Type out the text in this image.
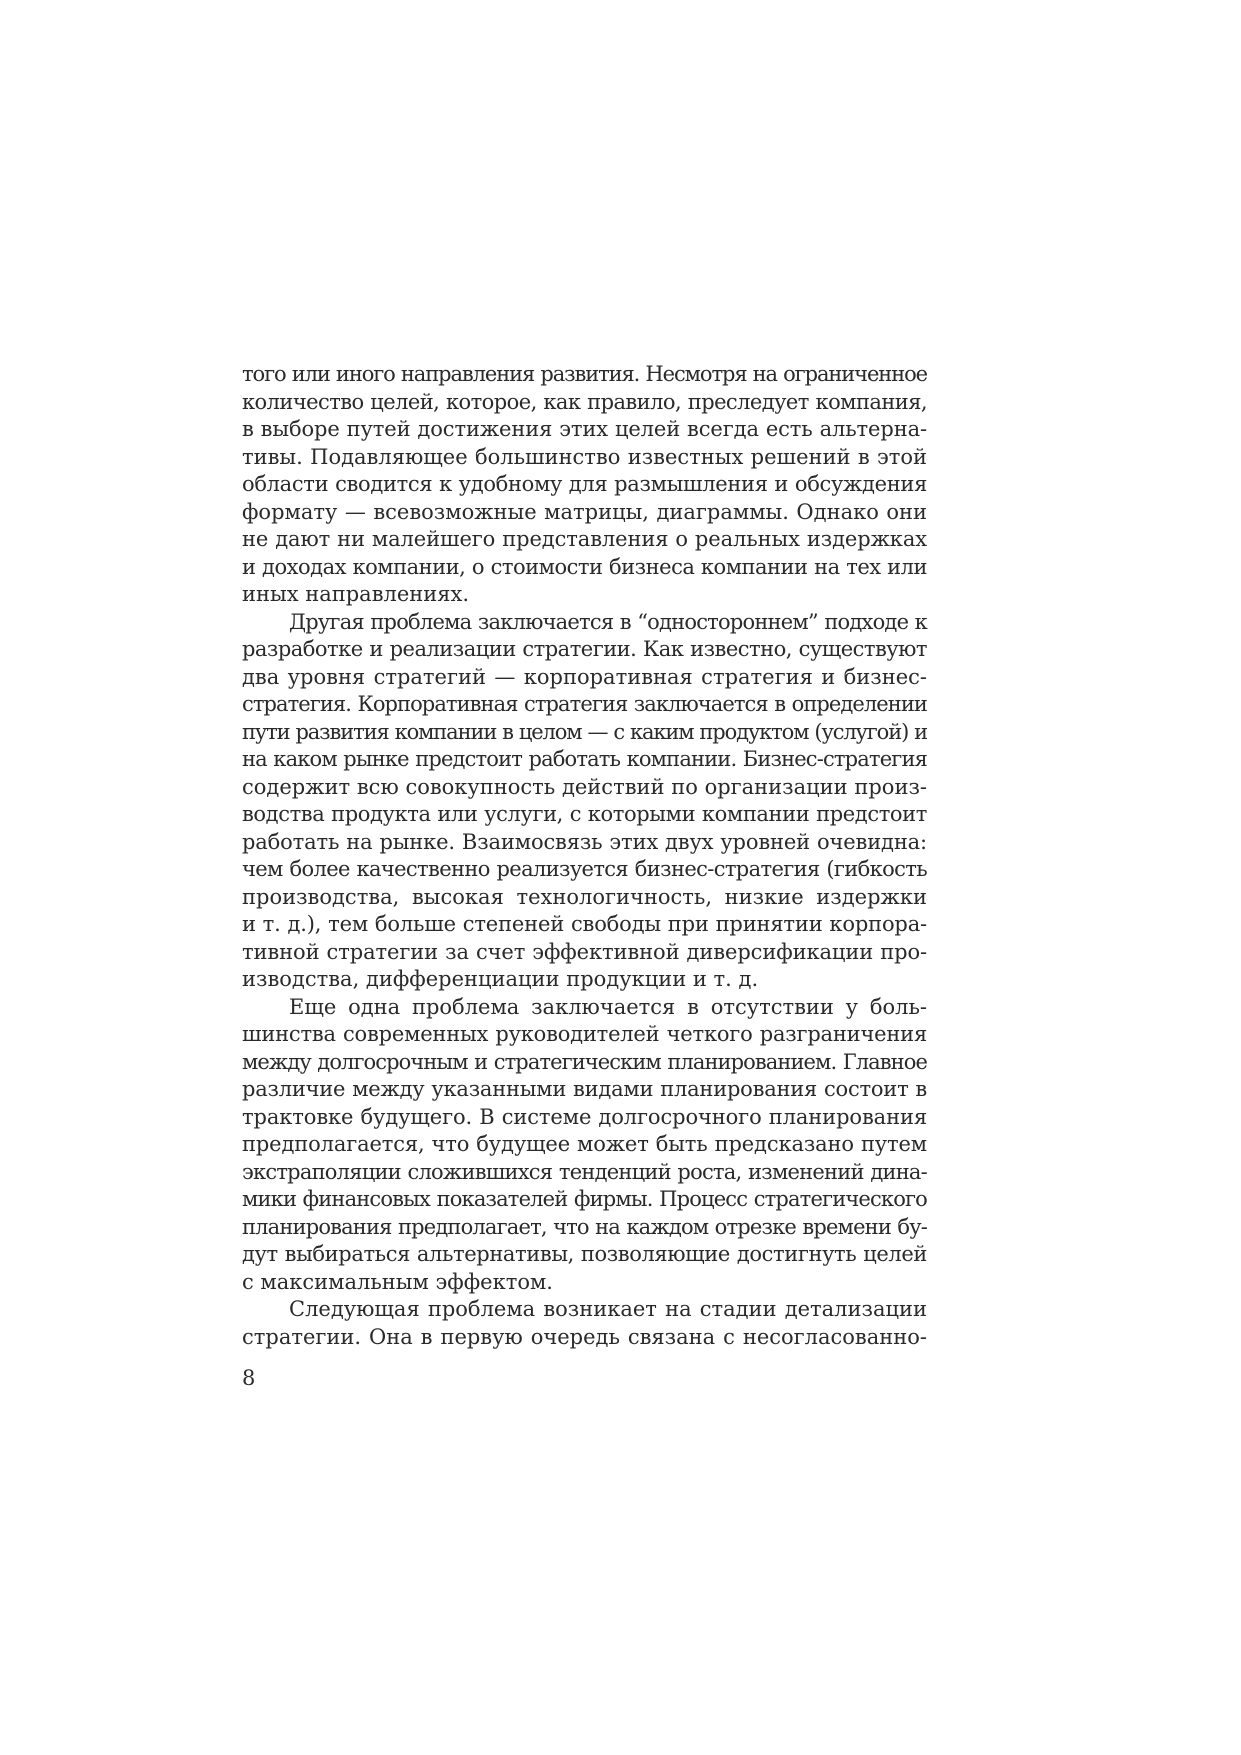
того или иного направления развития. Несмотря на ограниченное
количество целей, которое, как правило, преследует компания,
в выборе путей достижения этих целей всегда есть альтерна-
тивы. Подавляющее большинство известных решений в этой
области сводится к удобному для размышления и обсуждения
формату — всевозможные матрицы, диаграммы. Однако они
не дают ни малейшего представления о реальных издержках
и доходах компании, о стоимости бизнеса компании на тех или
иных направлениях.
Другая проблема заключается в “одностороннем” подходе к
разработке и реализации стратегии. Как известно, существуют
два уровня стратегий — корпоративная стратегия и бизнес-
стратегия. Корпоративная стратегия заключается в определении
пути развития компании в целом — с каким продуктом (услугой) и
на каком рынке предстоит работать компании. Бизнес-стратегия
содержит всю совокупность действий по организации произ-
водства продукта или услуги, с которыми компании предстоит
работать на рынке. Взаимосвязь этих двух уровней очевидна:
чем более качественно реализуется бизнес-стратегия (гибкость
производства, высокая технологичность, низкие издержки
и т. д.), тем больше степеней свободы при принятии корпора-
тивной стратегии за счет эффективной диверсификации про-
изводства, дифференциации продукции и т. д.
Еще одна проблема заключается в отсутствии у боль-
шинства современных руководителей четкого разграничения
между долгосрочным и стратегическим планированием. Главное
различие между указанными видами планирования состоит в
трактовке будущего. В системе долгосрочного планирования
предполагается, что будущее может быть предсказано путем
экстраполяции сложившихся тенденций роста, изменений дина-
мики финансовых показателей фирмы. Процесс стратегического
планирования предполагает, что на каждом отрезке времени бу-
дут выбираться альтернативы, позволяющие достигнуть целей
с максимальным эффектом.
Следующая проблема возникает на стадии детализации
стратегии. Она в первую очередь связана с несогласованно-
8
